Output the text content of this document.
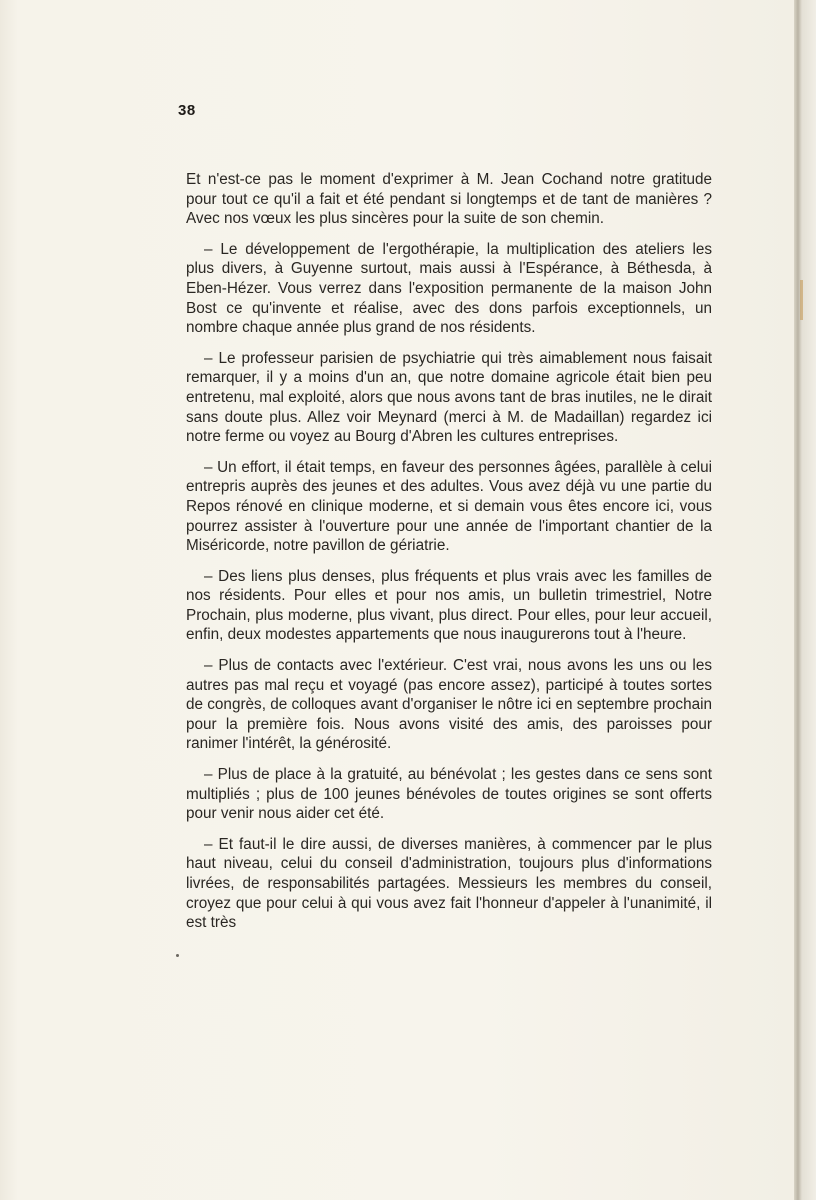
38

Et n'est-ce pas le moment d'exprimer à M. Jean Cochand notre gratitude pour tout ce qu'il a fait et été pendant si longtemps et de tant de manières ? Avec nos vœux les plus sincères pour la suite de son chemin.

– Le développement de l'ergothérapie, la multiplication des ateliers les plus divers, à Guyenne surtout, mais aussi à l'Espérance, à Béthesda, à Eben-Hézer. Vous verrez dans l'exposition permanente de la maison John Bost ce qu'invente et réalise, avec des dons parfois exceptionnels, un nombre chaque année plus grand de nos résidents.

– Le professeur parisien de psychiatrie qui très aimablement nous faisait remarquer, il y a moins d'un an, que notre domaine agricole était bien peu entretenu, mal exploité, alors que nous avons tant de bras inutiles, ne le dirait sans doute plus. Allez voir Meynard (merci à M. de Madaillan) regardez ici notre ferme ou voyez au Bourg d'Abren les cultures entreprises.

– Un effort, il était temps, en faveur des personnes âgées, parallèle à celui entrepris auprès des jeunes et des adultes. Vous avez déjà vu une partie du Repos rénové en clinique moderne, et si demain vous êtes encore ici, vous pourrez assister à l'ouverture pour une année de l'important chantier de la Miséricorde, notre pavillon de gériatrie.

– Des liens plus denses, plus fréquents et plus vrais avec les familles de nos résidents. Pour elles et pour nos amis, un bulletin trimestriel, Notre Prochain, plus moderne, plus vivant, plus direct. Pour elles, pour leur accueil, enfin, deux modestes appartements que nous inaugurerons tout à l'heure.

– Plus de contacts avec l'extérieur. C'est vrai, nous avons les uns ou les autres pas mal reçu et voyagé (pas encore assez), participé à toutes sortes de congrès, de colloques avant d'organiser le nôtre ici en septembre prochain pour la première fois. Nous avons visité des amis, des paroisses pour ranimer l'intérêt, la générosité.

– Plus de place à la gratuité, au bénévolat ; les gestes dans ce sens sont multipliés ; plus de 100 jeunes bénévoles de toutes origines se sont offerts pour venir nous aider cet été.

– Et faut-il le dire aussi, de diverses manières, à commencer par le plus haut niveau, celui du conseil d'administration, toujours plus d'informations livrées, de responsabilités partagées. Messieurs les membres du conseil, croyez que pour celui à qui vous avez fait l'honneur d'appeler à l'unanimité, il est très
